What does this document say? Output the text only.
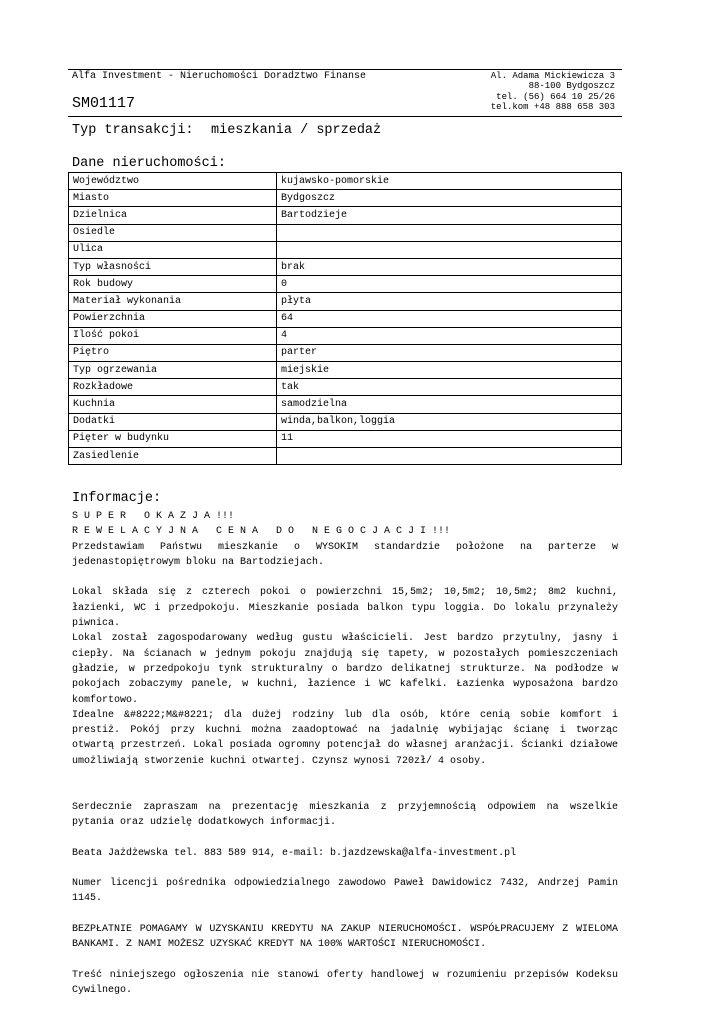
Alfa Investment - Nieruchomości Doradztwo Finanse	Al. Adama Mickiewicza 3
88-100 Bydgoszcz
tel. (56) 664 10 25/26
tel.kom +48 888 658 303
SM01117
Typ transakcji: mieszkania / sprzedaż
Dane nieruchomości:
Województwo	kujawsko-pomorskie
Miasto	Bydgoszcz
Dzielnica	Bartodzieje
Osiedle	
Ulica	
Typ własności	brak
Rok budowy	0
Materiał wykonania	płyta
Powierzchnia	64
Ilość pokoi	4
Piętro	parter
Typ ogrzewania	miejskie
Rozkładowe	tak
Kuchnia	samodzielna
Dodatki	winda,balkon,loggia
Pięter w budynku	11
Zasiedlenie	
Informacje:

S U P E R   O K A Z J A !!!

R E W E L A C Y J N A   C E N A   D O   N E G O C J A C J I !!!

Przedstawiam Państwu mieszkanie o WYSOKIM standardzie położone na parterze w jedenastopiętrowym bloku na Bartodziejach.

Lokal składa się z czterech pokoi o powierzchni 15,5m2; 10,5m2; 10,5m2; 8m2 kuchni, łazienki, WC i przedpokoju. Mieszkanie posiada balkon typu loggia. Do lokalu przynależy piwnica.

Lokal został zagospodarowany według gustu właścicieli. Jest bardzo przytulny, jasny i ciepły. Na ścianach w jednym pokoju znajdują się tapety, w pozostałych pomieszczeniach gładzie, w przedpokoju tynk strukturalny o bardzo delikatnej strukturze. Na podłodze w pokojach zobaczymy panele, w kuchni, łazience i WC kafelki. Łazienka wyposażona bardzo komfortowo.

Idealne &#8222;M&#8221; dla dużej rodziny lub dla osób, które cenią sobie komfort i prestiż. Pokój przy kuchni można zaadoptować na jadalnię wybijając ścianę i tworząc otwartą przestrzeń. Lokal posiada ogromny potencjał do własnej aranżacji. Ścianki działowe umożliwiają stworzenie kuchni otwartej. Czynsz wynosi 720zł/ 4 osoby.

Serdecznie zapraszam na prezentację mieszkania z przyjemnością odpowiem na wszelkie pytania oraz udzielę dodatkowych informacji.

Beata Jażdżewska tel. 883 589 914, e-mail: b.jazdzewska@alfa-investment.pl

Numer licencji pośrednika odpowiedzialnego zawodowo Paweł Dawidowicz 7432, Andrzej Pamin 1145.

BEZPŁATNIE POMAGAMY W UZYSKANIU KREDYTU NA ZAKUP NIERUCHOMOŚCI. WSPÓŁPRACUJEMY Z WIELOMA BANKAMI. Z NAMI MOŻESZ UZYSKAĆ KREDYT NA 100% WARTOŚCI NIERUCHOMOŚCI.

Treść niniejszego ogłoszenia nie stanowi oferty handlowej w rozumieniu przepisów Kodeksu Cywilnego.
